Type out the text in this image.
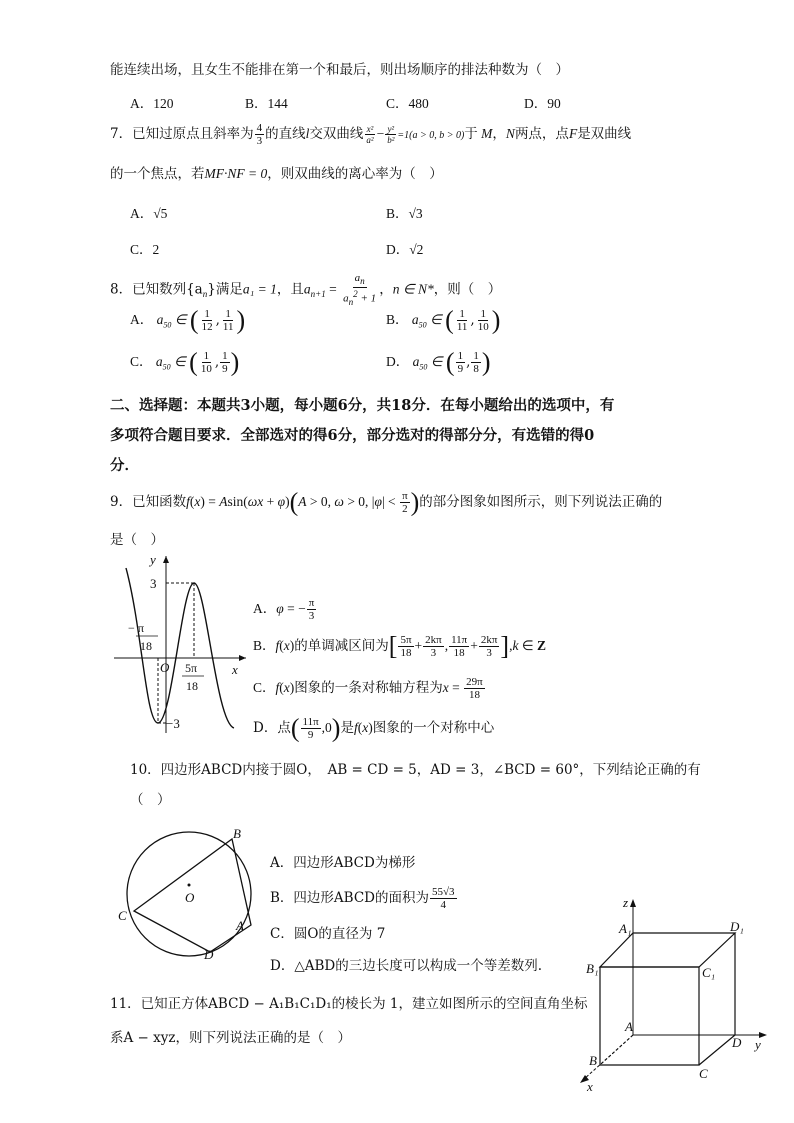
能连续出场，且女生不能排在第一个和最后，则出场顺序的排法种数为（　）
A．120	B．144	C．480	D．90
7．已知过原点且斜率为 $\frac{4}{3}$ 的直线l交双曲线 $\frac{\text{x²}}{\text{a²}} - \frac{\text{y²}}{\text{b²}} =1(a > 0$, b > 0)于 M，N两点，点F是双曲线
的一个焦点，若MF·NF = 0，则双曲线的离心率为（　）
A．√5	B．√3
C．2	D．√2
8．已知数列$\{a_n\}$满足a₁ = 1，且$a_{n+1} = \frac{a_n}{a_n^2 + 1}$ ，n ∈ N*，则（　）
A． $a_{50}$ ∈ ( $\frac{1}{12}$ , $\frac{1}{11}$ )	B． $a_{50}$ ∈ ( $\frac{1}{11}$ , $\frac{1}{10}$ )
C． $a_{50}$ ∈ ( $\frac{1}{10}$ , $\frac{1}{9}$ )	D． $a_{50}$ ∈ ( $\frac{1}{9}$ , $\frac{1}{8}$ )
二、选择题：本题共3小题，每小题6分，共18分．在每小题给出的选项中，有
多项符合题目要求．全部选对的得6分，部分选对的得部分分，有选错的得0
分．
9．已知函数f(x) = Asin(ωx + φ)(A > 0, ω > 0, $|\varphi| < \frac{\pi}{2}$ )的部分图象如图所示，则下列说法正确的
是（　）
y
x
O
3
−3
− π
18
5π
18
A．φ = − $\frac{\pi}{3}$
B．f(x)的单调减区间为[ $\frac{5\pi}{18} + \frac{2k\pi}{3}$ , $\frac{11\pi}{18} + \frac{2k\pi}{3} ],k$ ∈ Z
C．f(x)图象的一条对称轴方程为$x = \frac{29\pi}{18}$
D．点( $\frac{11\pi}{9} ,0$)是f(x)图象的一个对称中心
10．四边形ABCD内接于圆O，　AB = CD = 5，AD = 3，∠BCD = 60°，下列结论正确的有
（　）
O
B
C
D
A
A．四边形ABCD为梯形
B．四边形ABCD的面积为 $\frac{55√3}{4}$
C．圆O的直径为 7
D．△ABD的三边长度可以构成一个等差数列.
11．已知正方体ABCD − A₁B₁C₁D₁的棱长为 1，建立如图所示的空间直角坐标
系A − xyz，则下列说法正确的是（　）
z
y
x
A₁	D₁
B₁	C₁
A
B
C
D
